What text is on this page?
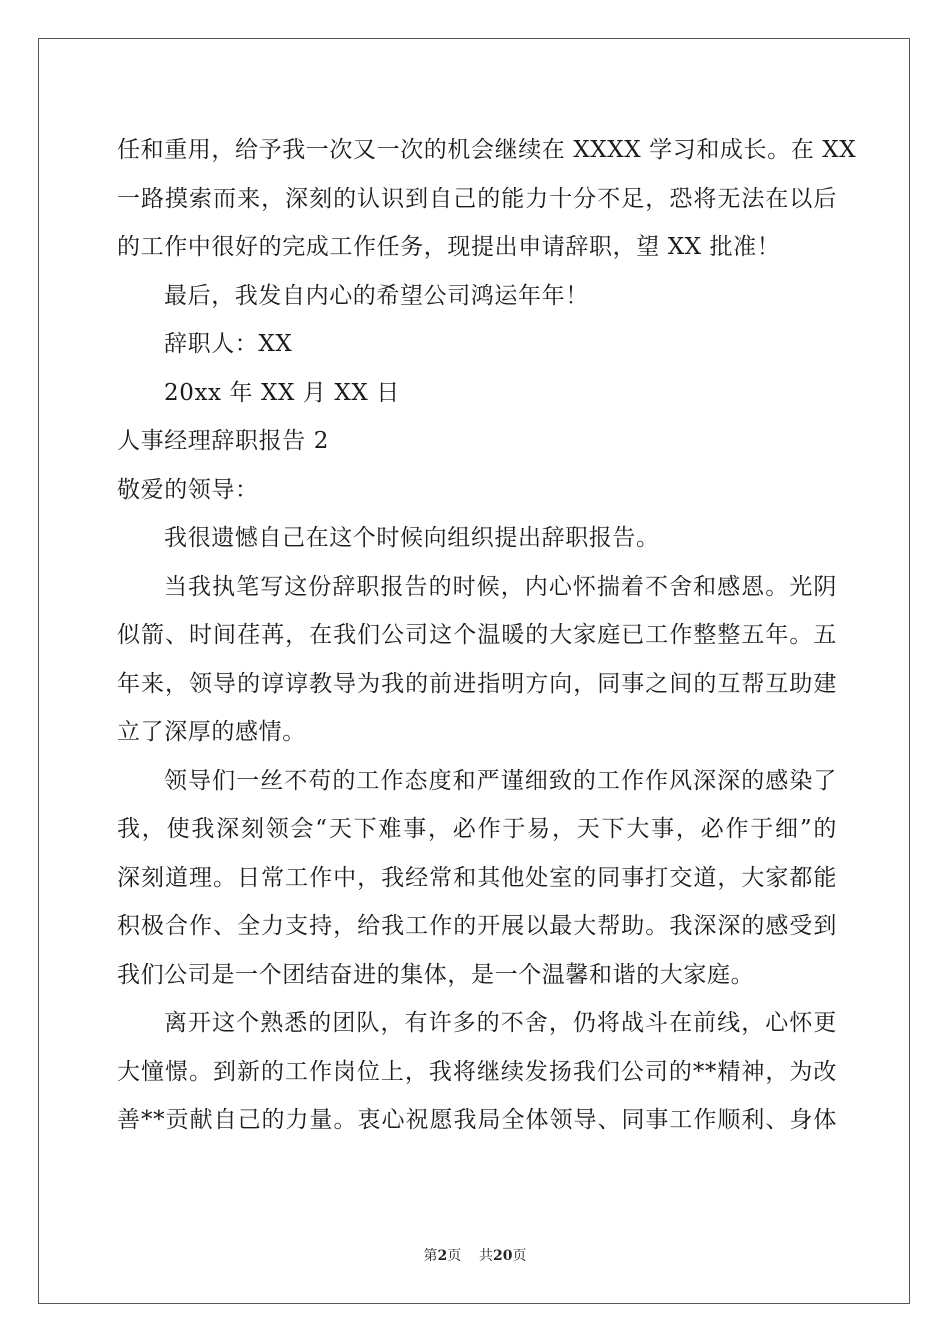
任和重用，给予我一次又一次的机会继续在 XXXX 学习和成长。在 XX
一路摸索而来，深刻的认识到自己的能力十分不足，恐将无法在以后
的工作中很好的完成工作任务，现提出申请辞职，望 XX 批准！
最后，我发自内心的希望公司鸿运年年！
辞职人：XX
20xx 年 XX 月 XX 日
人事经理辞职报告 2
敬爱的领导：
我很遗憾自己在这个时候向组织提出辞职报告。
当我执笔写这份辞职报告的时候，内心怀揣着不舍和感恩。光阴
似箭、时间荏苒，在我们公司这个温暖的大家庭已工作整整五年。五
年来，领导的谆谆教导为我的前进指明方向，同事之间的互帮互助建
立了深厚的感情。
领导们一丝不苟的工作态度和严谨细致的工作作风深深的感染了
我，使我深刻领会“天下难事，必作于易，天下大事，必作于细”的
深刻道理。日常工作中，我经常和其他处室的同事打交道，大家都能
积极合作、全力支持，给我工作的开展以最大帮助。我深深的感受到
我们公司是一个团结奋进的集体，是一个温馨和谐的大家庭。
离开这个熟悉的团队，有许多的不舍，仍将战斗在前线，心怀更
大憧憬。到新的工作岗位上，我将继续发扬我们公司的**精神，为改
善**贡献自己的力量。衷心祝愿我局全体领导、同事工作顺利、身体
第2页 共20页
